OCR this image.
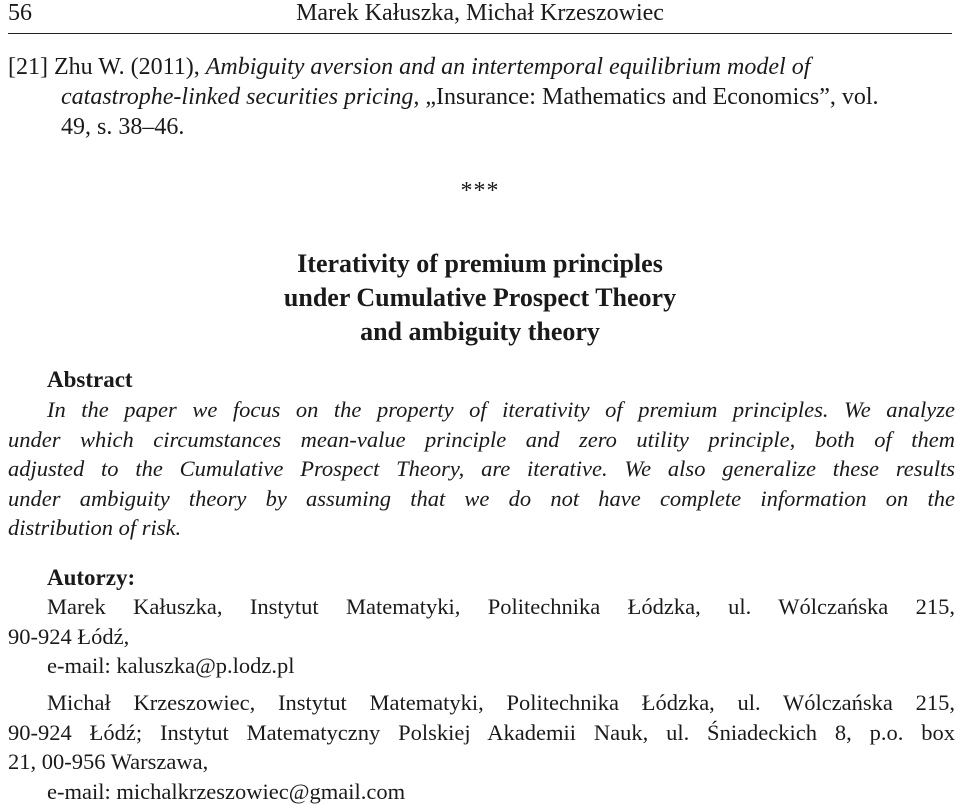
56	Marek Kałuszka, Michał Krzeszowiec
[21] Zhu W. (2011), Ambiguity aversion and an intertemporal equilibrium model of
catastrophe-linked securities pricing, „Insurance: Mathematics and Economics”, vol.
49, s. 38–46.
***
Iterativity of premium principles
under Cumulative Prospect Theory
and ambiguity theory
Abstract
In the paper we focus on the property of iterativity of premium principles. We analyze
under which circumstances mean-value principle and zero utility principle, both of them
adjusted to the Cumulative Prospect Theory, are iterative. We also generalize these results
under ambiguity theory by assuming that we do not have complete information on the
distribution of risk.
Autorzy:
Marek Kałuszka, Instytut Matematyki, Politechnika Łódzka, ul. Wólczańska 215,
90-924 Łódź,
e-mail: kaluszka@p.lodz.pl
Michał Krzeszowiec, Instytut Matematyki, Politechnika Łódzka, ul. Wólczańska 215,
90-924 Łódź; Instytut Matematyczny Polskiej Akademii Nauk, ul. Śniadeckich 8, p.o. box
21, 00-956 Warszawa,
e-mail: michalkrzeszowiec@gmail.com
